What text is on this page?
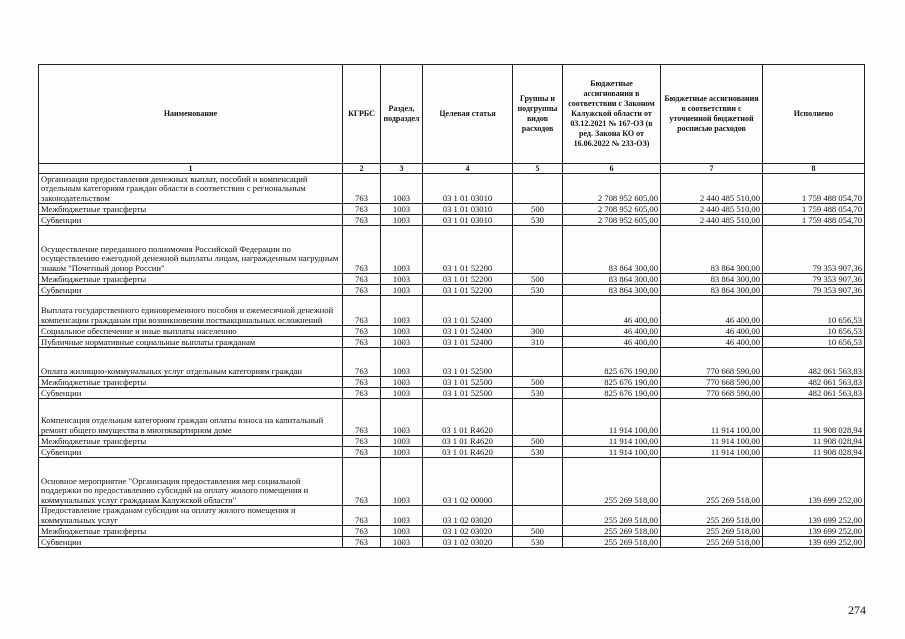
Наименование	КГРБС	Раздел, подраздел	Целевая статья	Группы и подгруппы видов расходов	Бюджетные ассигнования в соответствии с Законом Калужской области от 03.12.2021 № 167-ОЗ (в ред. Закона КО от 16.06.2022 № 233-ОЗ)	Бюджетные ассигнования в соответствии с уточненной бюджетной росписью расходов	Исполнено
1	2	3	4	5	6	7	8
Организация предоставления денежных выплат, пособий и компенсаций отдельным категориям граждан области в соответствии с региональным законодательством	763	1003	03 1 01 03010		2 708 952 605,00	2 440 485 510,00	1 759 488 054,70
Межбюджетные трансферты	763	1003	03 1 01 03010	500	2 708 952 605,00	2 440 485 510,00	1 759 488 054,70
Субвенции	763	1003	03 1 01 03010	530	2 708 952 605,00	2 440 485 510,00	1 759 488 054,70
Осуществление переданного полномочия Российской Федерации по осуществлению ежегодной денежной выплаты лицам, награжденным нагрудным знаком "Почетный донор России"	763	1003	03 1 01 52200		83 864 300,00	83 864 300,00	79 353 907,36
Межбюджетные трансферты	763	1003	03 1 01 52200	500	83 864 300,00	83 864 300,00	79 353 907,36
Субвенции	763	1003	03 1 01 52200	530	83 864 300,00	83 864 300,00	79 353 907,36
Выплата государственного единовременного пособия и ежемесячной денежной компенсации гражданам при возникновении поствакцинальных осложнений	763	1003	03 1 01 52400		46 400,00	46 400,00	10 656,53
Социальное обеспечение и иные выплаты населению	763	1003	03 1 01 52400	300	46 400,00	46 400,00	10 656,53
Публичные нормативные социальные выплаты гражданам	763	1003	03 1 01 52400	310	46 400,00	46 400,00	10 656,53
Оплата жилищно-коммунальных услуг отдельным категориям граждан	763	1003	03 1 01 52500		825 676 190,00	770 668 590,00	482 061 563,83
Межбюджетные трансферты	763	1003	03 1 01 52500	500	825 676 190,00	770 668 590,00	482 061 563,83
Субвенции	763	1003	03 1 01 52500	530	825 676 190,00	770 668 590,00	482 061 563,83
Компенсация отдельным категориям граждан оплаты взноса на капитальный ремонт общего имущества в многоквартирном доме	763	1003	03 1 01 R4620		11 914 100,00	11 914 100,00	11 908 028,94
Межбюджетные трансферты	763	1003	03 1 01 R4620	500	11 914 100,00	11 914 100,00	11 908 028,94
Субвенции	763	1003	03 1 01 R4620	530	11 914 100,00	11 914 100,00	11 908 028,94
Основное мероприятие "Организация предоставления мер социальной поддержки по предоставлению субсидий на оплату жилого помещения и коммунальных услуг гражданам Калужской области"	763	1003	03 1 02 00000		255 269 518,00	255 269 518,00	139 699 252,00
Предоставление гражданам субсидии на оплату жилого помещения и коммунальных услуг	763	1003	03 1 02 03020		255 269 518,00	255 269 518,00	139 699 252,00
Межбюджетные трансферты	763	1003	03 1 02 03020	500	255 269 518,00	255 269 518,00	139 699 252,00
Субвенции	763	1003	03 1 02 03020	530	255 269 518,00	255 269 518,00	139 699 252,00
274
